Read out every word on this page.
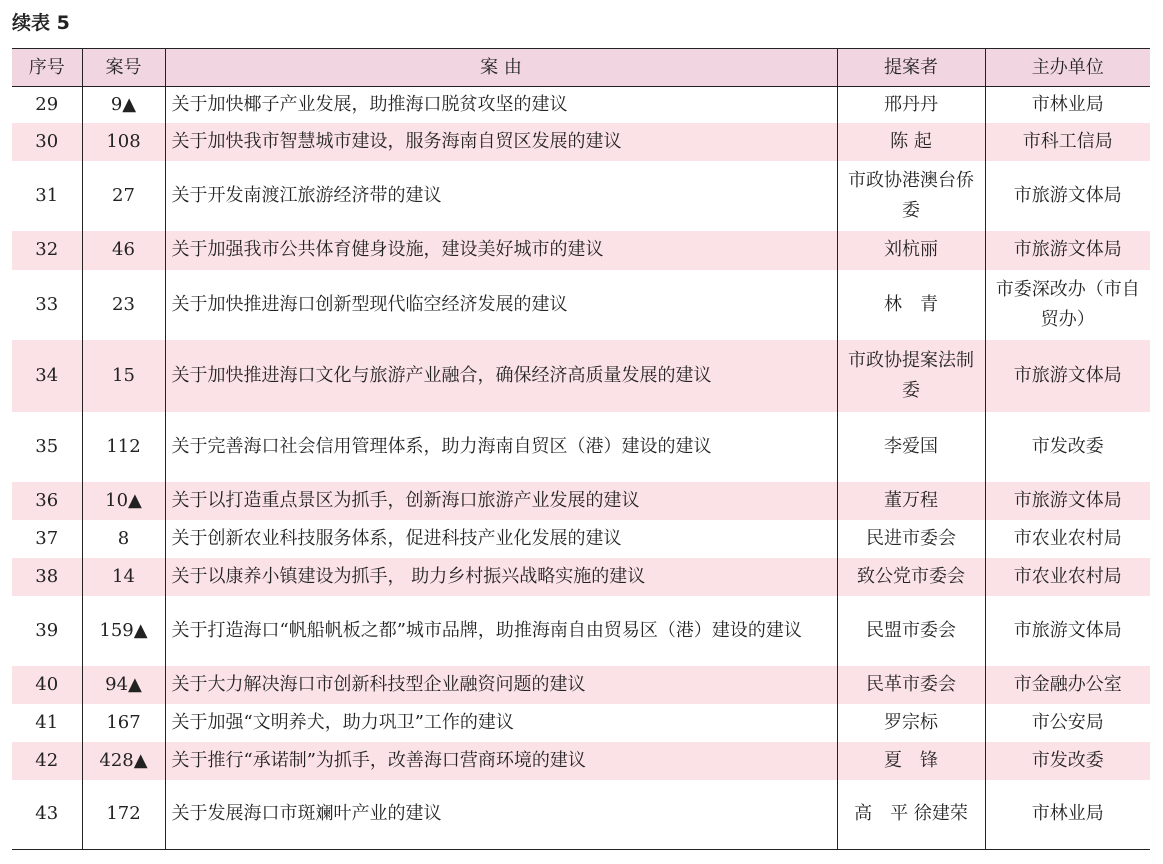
续表 5
序号	案号	案 由	提案者	主办单位
29	9▲	关于加快椰子产业发展，助推海口脱贫攻坚的建议	邢丹丹	市林业局
30	108	关于加快我市智慧城市建设，服务海南自贸区发展的建议	陈 起	市科工信局
31	27	关于开发南渡江旅游经济带的建议	市政协港澳台侨委	市旅游文体局
32	46	关于加强我市公共体育健身设施，建设美好城市的建议	刘杭丽	市旅游文体局
33	23	关于加快推进海口创新型现代临空经济发展的建议	林　青	市委深改办（市自贸办）
34	15	关于加快推进海口文化与旅游产业融合，确保经济高质量发展的建议	市政协提案法制委	市旅游文体局
35	112	关于完善海口社会信用管理体系，助力海南自贸区（港）建设的建议	李爱国	市发改委
36	10▲	关于以打造重点景区为抓手，创新海口旅游产业发展的建议	董万程	市旅游文体局
37	8	关于创新农业科技服务体系，促进科技产业化发展的建议	民进市委会	市农业农村局
38	14	关于以康养小镇建设为抓手， 助力乡村振兴战略实施的建议	致公党市委会	市农业农村局
39	159▲	关于打造海口“帆船帆板之都”城市品牌，助推海南自由贸易区（港）建设的建议	民盟市委会	市旅游文体局
40	94▲	关于大力解决海口市创新科技型企业融资问题的建议	民革市委会	市金融办公室
41	167	关于加强“文明养犬，助力巩卫”工作的建议	罗宗标	市公安局
42	428▲	关于推行“承诺制”为抓手，改善海口营商环境的建议	夏　锋	市发改委
43	172	关于发展海口市斑斓叶产业的建议	高　平 徐建荣	市林业局
